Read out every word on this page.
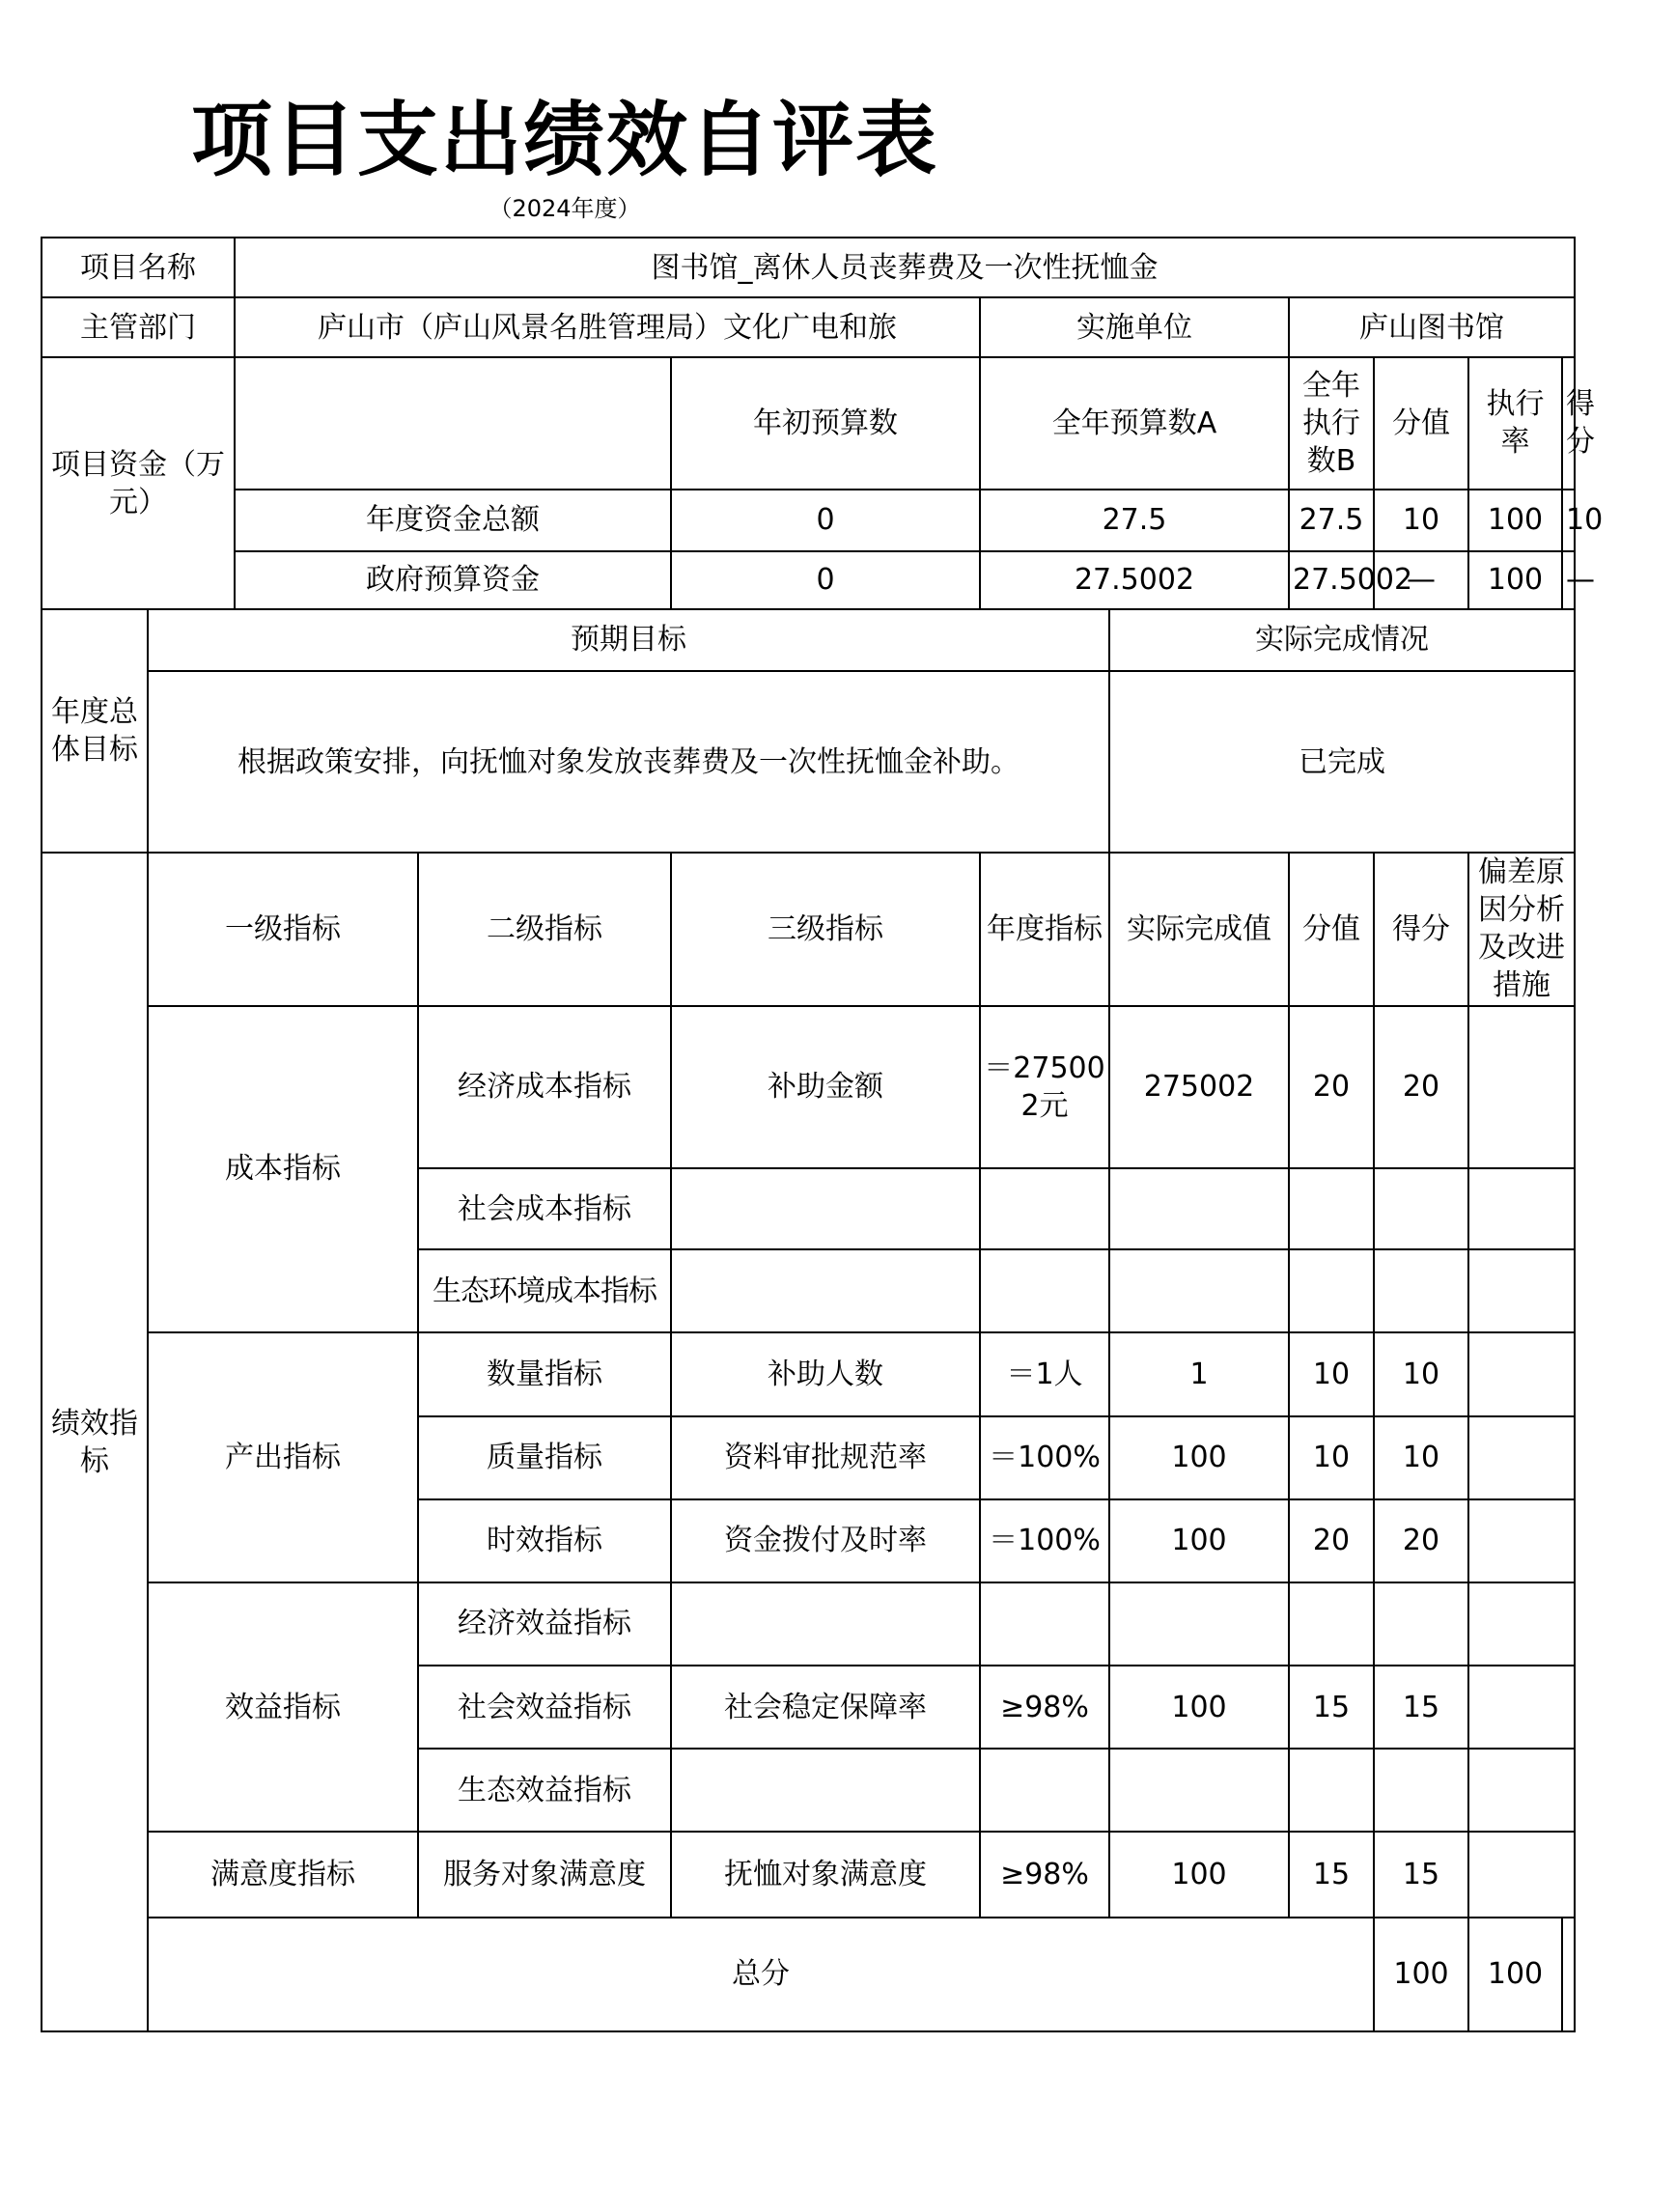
项目支出绩效自评表
（2024年度）
项目名称		图书馆_离休人员丧葬费及一次性抚恤金								
主管部门		庐山市（庐山风景名胜管理局）文化广电和旅			实施单位		庐山图书馆			
项目资金（万元）				年初预算数	全年预算数A		全年执行数B	分值	执行率	得分
		年度资金总额		0	27.5		27.5	10	100	10
		政府预算资金		0	27.5002		27.5002	—	100	—
年度总体目标	预期目标					实际完成情况				
	根据政策安排，向抚恤对象发放丧葬费及一次性抚恤金补助。					已完成				
绩效指标	一级指标		二级指标	三级指标	年度指标	实际完成值	分值	得分	偏差原因分析及改进措施	
	成本指标		经济成本指标	补助金额	＝275002元	275002	20	20		
			社会成本指标							
			生态环境成本指标							
	产出指标		数量指标	补助人数	＝1人	1	10	10		
			质量指标	资料审批规范率	＝100%	100	10	10		
			时效指标	资金拨付及时率	＝100%	100	20	20		
	效益指标		经济效益指标							
			社会效益指标	社会稳定保障率	≥98%	100	15	15		
			生态效益指标							
	满意度指标		服务对象满意度	抚恤对象满意度	≥98%	100	15	15		
	总分							100	100	
